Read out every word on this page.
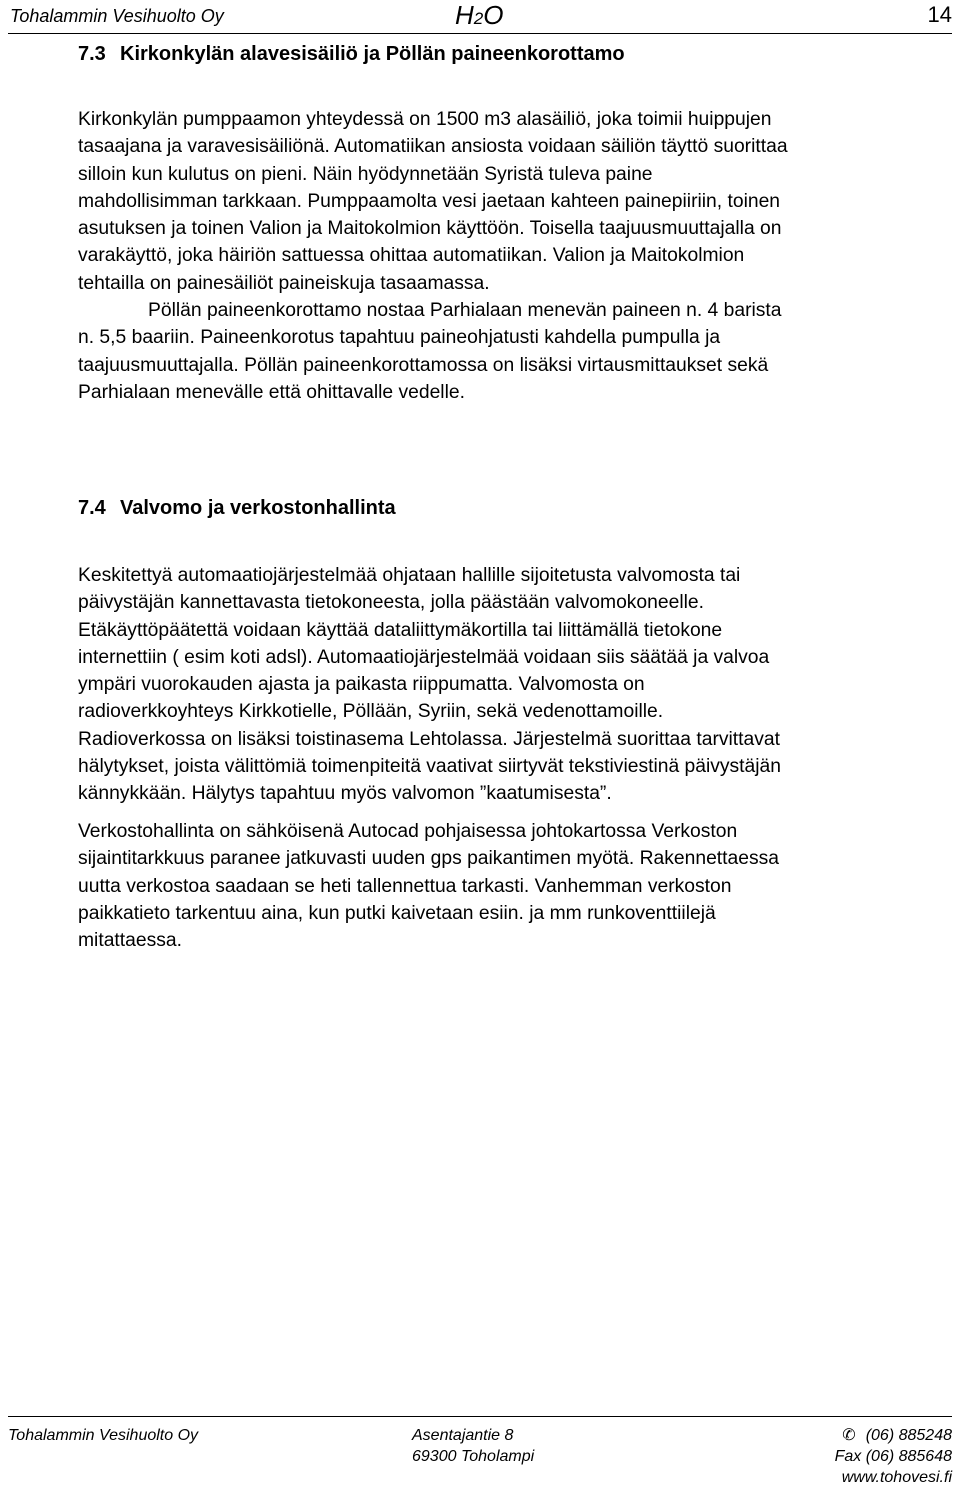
Tohalammin Vesihuolto Oy	H2O	14
7.3 Kirkonkylän alavesisäiliö ja Pöllän paineenkorottamo
Kirkonkylän pumppaamon yhteydessä on 1500 m3 alasäiliö, joka toimii huippujen
tasaajana ja varavesisäiliönä. Automatiikan ansiosta voidaan säiliön täyttö suorittaa
silloin kun kulutus on pieni. Näin hyödynnetään Syristä tuleva paine
mahdollisimman tarkkaan. Pumppaamolta vesi jaetaan kahteen painepiiriin, toinen
asutuksen ja toinen Valion ja Maitokolmion käyttöön. Toisella taajuusmuuttajalla on
varakäyttö, joka häiriön sattuessa ohittaa automatiikan. Valion ja Maitokolmion
tehtailla on painesäiliöt paineiskuja tasaamassa.
Pöllän paineenkorottamo nostaa Parhialaan menevän paineen n. 4 barista
n. 5,5 baariin. Paineenkorotus tapahtuu paineohjatusti kahdella pumpulla ja
taajuusmuuttajalla. Pöllän paineenkorottamossa on lisäksi virtausmittaukset sekä
Parhialaan menevälle että ohittavalle vedelle.
7.4 Valvomo ja verkostonhallinta
Keskitettyä automaatiojärjestelmää ohjataan hallille sijoitetusta valvomosta tai
päivystäjän kannettavasta tietokoneesta, jolla päästään valvomokoneelle.
Etäkäyttöpäätettä voidaan käyttää dataliittymäkortilla tai liittämällä tietokone
internettiin ( esim koti adsl). Automaatiojärjestelmää voidaan siis säätää ja valvoa
ympäri vuorokauden ajasta ja paikasta riippumatta. Valvomosta on
radioverkkoyhteys Kirkkotielle, Pöllään, Syriin, sekä vedenottamoille.
Radioverkossa on lisäksi toistinasema Lehtolassa. Järjestelmä suorittaa tarvittavat
hälytykset, joista välittömiä toimenpiteitä vaativat siirtyvät tekstiviestinä päivystäjän
kännykkään. Hälytys tapahtuu myös valvomon ”kaatumisesta”.
Verkostohallinta on sähköisenä Autocad pohjaisessa johtokartossa Verkoston
sijaintitarkkuus paranee jatkuvasti uuden gps paikantimen myötä. Rakennettaessa
uutta verkostoa saadaan se heti tallennettua tarkasti. Vanhemman verkoston
paikkatieto tarkentuu aina, kun putki kaivetaan esiin. ja mm runkoventtiilejä
mitattaessa.
Tohalammin Vesihuolto Oy	Asentajantie 8
69300 Toholampi
✆ (06) 885248
Fax (06) 885648
www.tohovesi.fi
